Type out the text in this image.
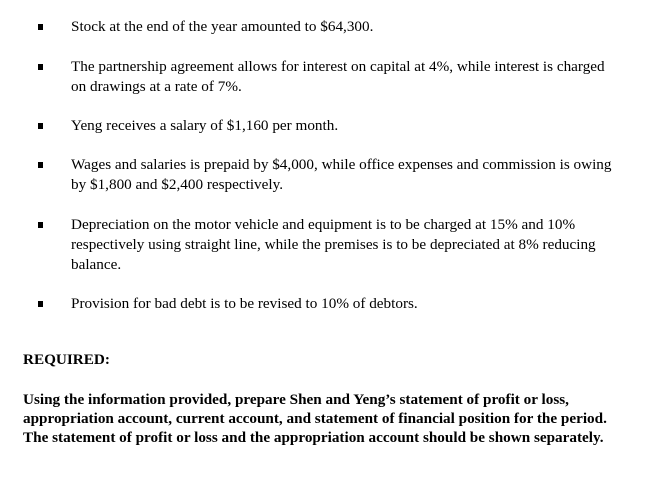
Stock at the end of the year amounted to $64,300.
The partnership agreement allows for interest on capital at 4%, while interest is charged
on drawings at a rate of 7%.
Yeng receives a salary of $1,160 per month.
Wages and salaries is prepaid by $4,000, while office expenses and commission is owing
by $1,800 and $2,400 respectively.
Depreciation on the motor vehicle and equipment is to be charged at 15% and 10%
respectively using straight line, while the premises is to be depreciated at 8% reducing
balance.
Provision for bad debt is to be revised to 10% of debtors.
REQUIRED:
Using the information provided, prepare Shen and Yeng’s statement of profit or loss,
appropriation account, current account, and statement of financial position for the period.
The statement of profit or loss and the appropriation account should be shown separately.
